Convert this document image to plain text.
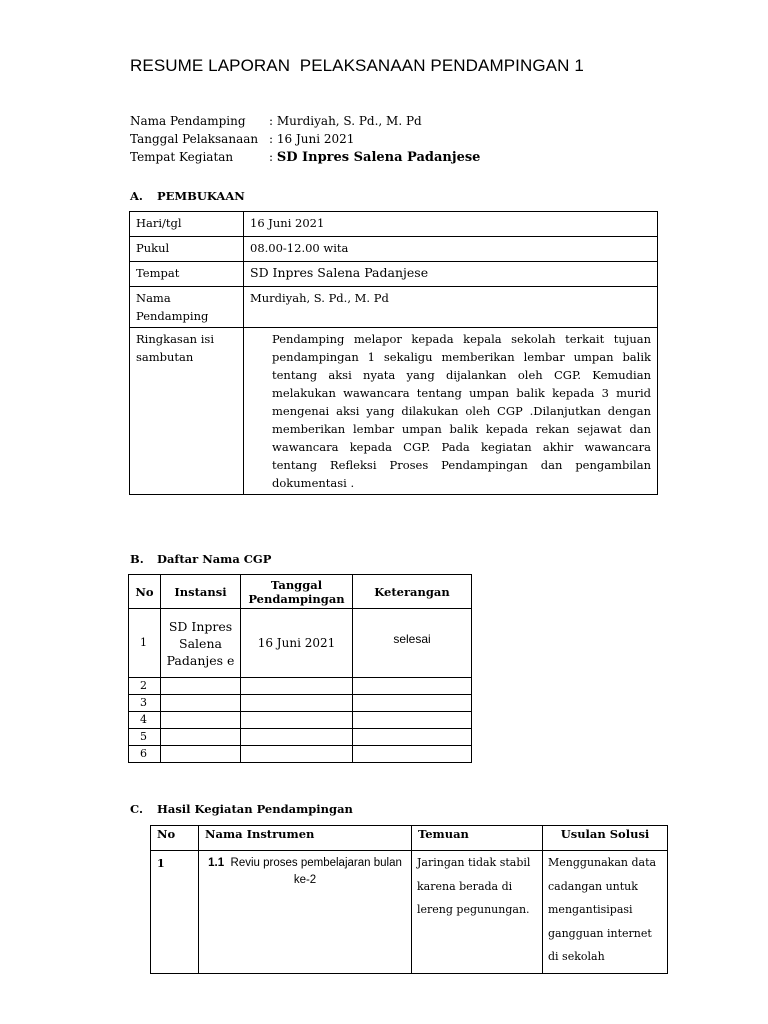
RESUME LAPORAN  PELAKSANAAN PENDAMPINGAN 1
Nama Pendamping : Murdiyah, S. Pd., M. Pd
Tanggal Pelaksanaan : 16 Juni 2021
Tempat Kegiatan	: SD Inpres Salena Padanjese
A. PEMBUKAAN
Hari/tgl	16 Juni 2021
Pukul	08.00-12.00 wita
Tempat	SD Inpres Salena Padanjese
Nama Pendamping	Murdiyah, S. Pd., M. Pd
Ringkasan isi sambutan	Pendamping melapor kepada kepala sekolah terkait tujuan pendampingan 1 sekaligu memberikan lembar umpan balik tentang aksi nyata yang dijalankan oleh CGP. Kemudian melakukan wawancara tentang umpan balik kepada 3 murid mengenai aksi yang dilakukan oleh CGP .Dilanjutkan dengan memberikan lembar umpan balik kepada rekan sejawat dan wawancara kepada CGP. Pada kegiatan akhir wawancara tentang Refleksi Proses Pendampingan dan pengambilan dokumentasi .
B. Daftar Nama CGP
No	Instansi	Tanggal Pendampingan	Keterangan
1	SD Inpres Salena Padanjes e	16 Juni 2021	selesai
2			
3			
4			
5			
6			
C. Hasil Kegiatan Pendampingan
No	Nama Instrumen	Temuan	Usulan Solusi
1	1.1 Reviu proses pembelajaran bulan ke-2	Jaringan tidak stabil karena berada di lereng pegunungan.	Menggunakan data cadangan untuk mengantisipasi gangguan internet di sekolah
